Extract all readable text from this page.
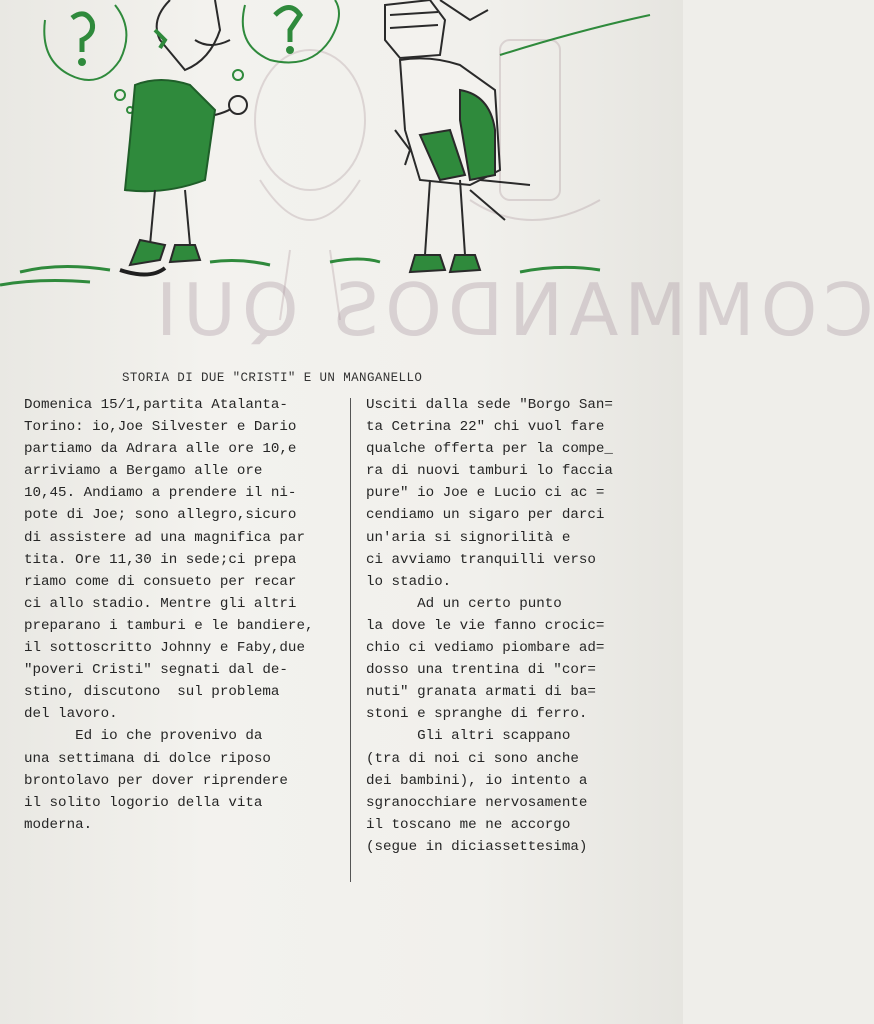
COMMANDOS QUI
STORIA DI DUE "CRISTI" E UN MANGANELLO

Domenica 15/1,partita Atalanta-

Torino: io,Joe Silvester e Dario

partiamo da Adrara alle ore 10,e

arriviamo a Bergamo alle ore

10,45. Andiamo a prendere il ni-

pote di Joe; sono allegro,sicuro

di assistere ad una magnifica par

tita. Ore 11,30 in sede;ci prepa

riamo come di consueto per recar

ci allo stadio. Mentre gli altri

preparano i tamburi e le bandiere,

il sottoscritto Johnny e Faby,due

"poveri Cristi" segnati dal de-

stino, discutono  sul problema

del lavoro.

Ed io che provenivo da

una settimana di dolce riposo

brontolavo per dover riprendere

il solito logorio della vita

moderna.

Usciti dalla sede "Borgo San=

ta Cetrina 22" chi vuol fare

qualche offerta per la compe_

ra di nuovi tamburi lo faccia

pure" io Joe e Lucio ci ac =

cendiamo un sigaro per darci

un'aria si signorilità e

ci avviamo tranquilli verso

lo stadio.

Ad un certo punto

la dove le vie fanno crocic=

chio ci vediamo piombare ad=

dosso una trentina di "cor=

nuti" granata armati di ba=

stoni e spranghe di ferro.

Gli altri scappano

(tra di noi ci sono anche

dei bambini), io intento a

sgranocchiare nervosamente

il toscano me ne accorgo

(segue in diciassettesima)
